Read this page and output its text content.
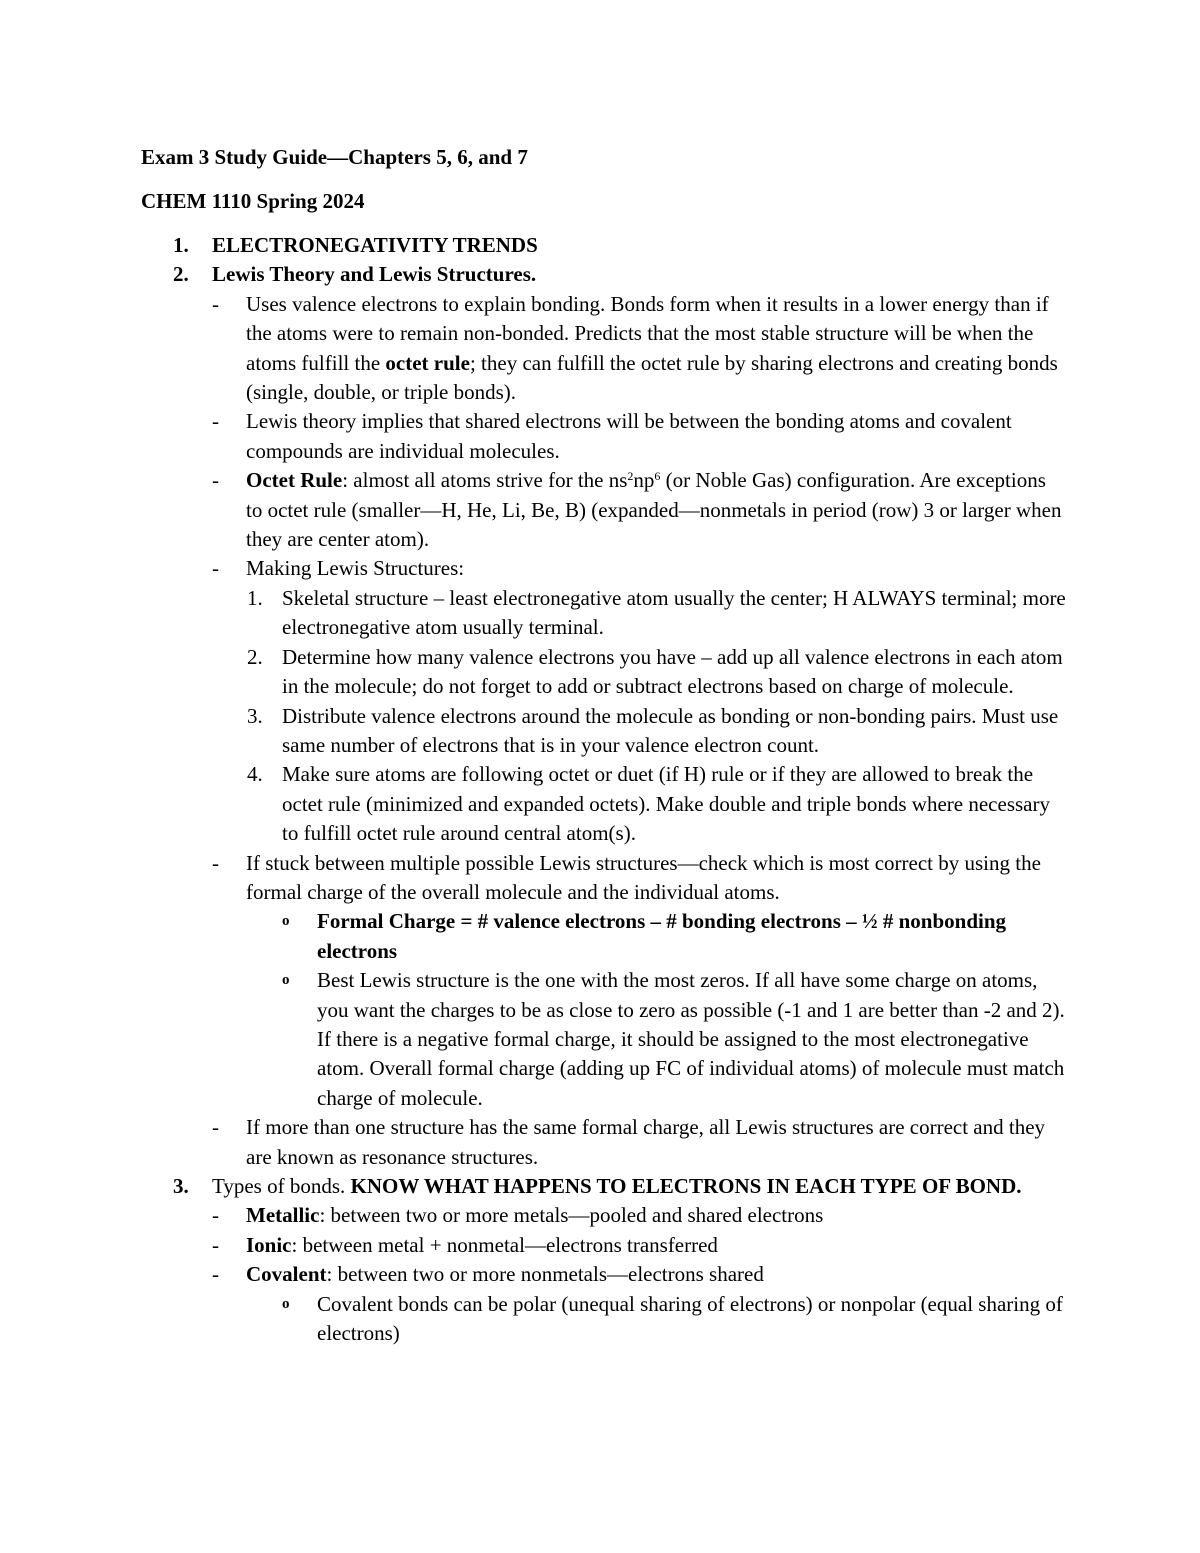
Exam 3 Study Guide—Chapters 5, 6, and 7
CHEM 1110 Spring 2024
1. ELECTRONEGATIVITY TRENDS
2. Lewis Theory and Lewis Structures.
- Uses valence electrons to explain bonding. Bonds form when it results in a lower energy than if the atoms were to remain non-bonded. Predicts that the most stable structure will be when the atoms fulfill the octet rule; they can fulfill the octet rule by sharing electrons and creating bonds (single, double, or triple bonds).
- Lewis theory implies that shared electrons will be between the bonding atoms and covalent compounds are individual molecules.
- Octet Rule: almost all atoms strive for the $ns^2np^6$ (or Noble Gas) configuration. Are exceptions to octet rule (smaller—H, He, Li, Be, B) (expanded—nonmetals in period (row) 3 or larger when they are center atom).
- Making Lewis Structures:
1. Skeletal structure – least electronegative atom usually the center; H ALWAYS terminal; more electronegative atom usually terminal.
2. Determine how many valence electrons you have – add up all valence electrons in each atom in the molecule; do not forget to add or subtract electrons based on charge of molecule.
3. Distribute valence electrons around the molecule as bonding or non-bonding pairs. Must use same number of electrons that is in your valence electron count.
4. Make sure atoms are following octet or duet (if H) rule or if they are allowed to break the octet rule (minimized and expanded octets). Make double and triple bonds where necessary to fulfill octet rule around central atom(s).
- If stuck between multiple possible Lewis structures—check which is most correct by using the formal charge of the overall molecule and the individual atoms.
o Formal Charge = # valence electrons – # bonding electrons – ½ # nonbonding electrons
o Best Lewis structure is the one with the most zeros. If all have some charge on atoms, you want the charges to be as close to zero as possible (-1 and 1 are better than -2 and 2). If there is a negative formal charge, it should be assigned to the most electronegative atom. Overall formal charge (adding up FC of individual atoms) of molecule must match charge of molecule.
- If more than one structure has the same formal charge, all Lewis structures are correct and they are known as resonance structures.
3. Types of bonds. KNOW WHAT HAPPENS TO ELECTRONS IN EACH TYPE OF BOND.
- Metallic: between two or more metals—pooled and shared electrons
- Ionic: between metal + nonmetal—electrons transferred
- Covalent: between two or more nonmetals—electrons shared
o Covalent bonds can be polar (unequal sharing of electrons) or nonpolar (equal sharing of electrons)
